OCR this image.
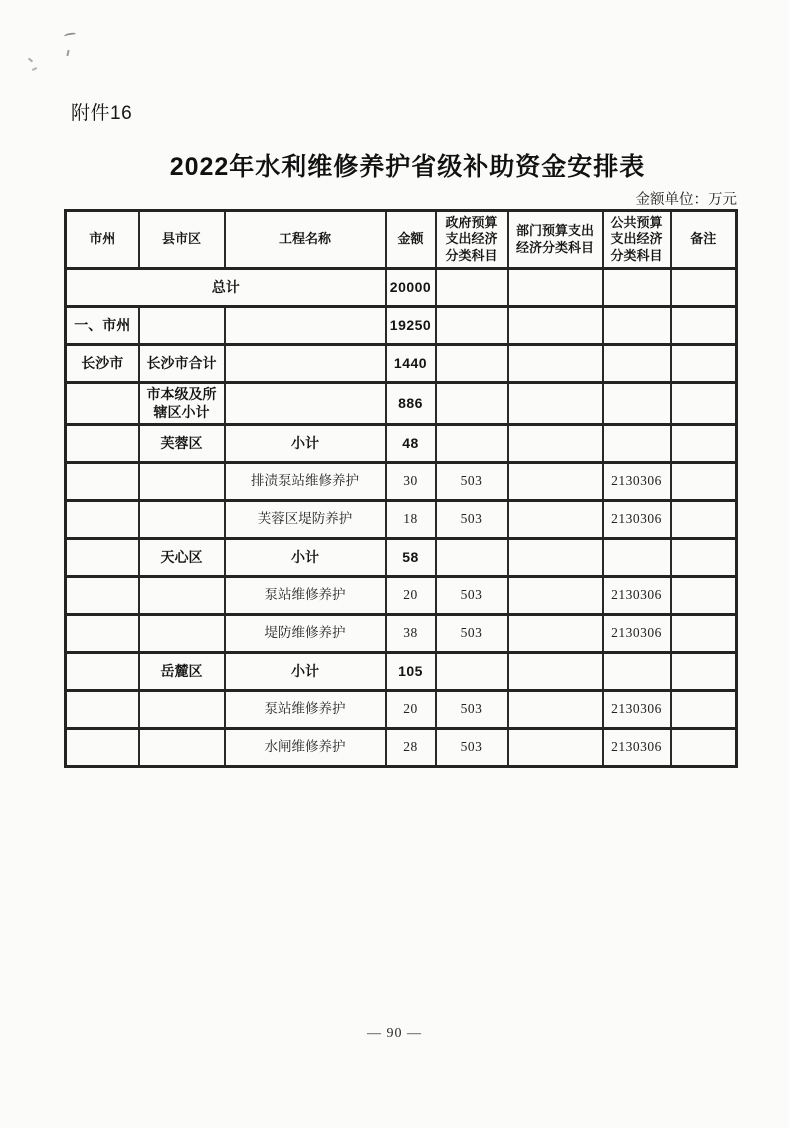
附件16
2022年水利维修养护省级补助资金安排表
金额单位：万元
市州	县市区	工程名称	金额	政府预算支出经济分类科目	部门预算支出经济分类科目	公共预算支出经济分类科目	备注
总计			20000				
一、市州			19250				
长沙市	长沙市合计		1440				
	市本级及所辖区小计		886				
	芙蓉区	小计	48				
		排渍泵站维修养护	30	503		2130306	
		芙蓉区堤防养护	18	503		2130306	
	天心区	小计	58				
		泵站维修养护	20	503		2130306	
		堤防维修养护	38	503		2130306	
	岳麓区	小计	105				
		泵站维修养护	20	503		2130306	
		水闸维修养护	28	503		2130306	
— 90 —
